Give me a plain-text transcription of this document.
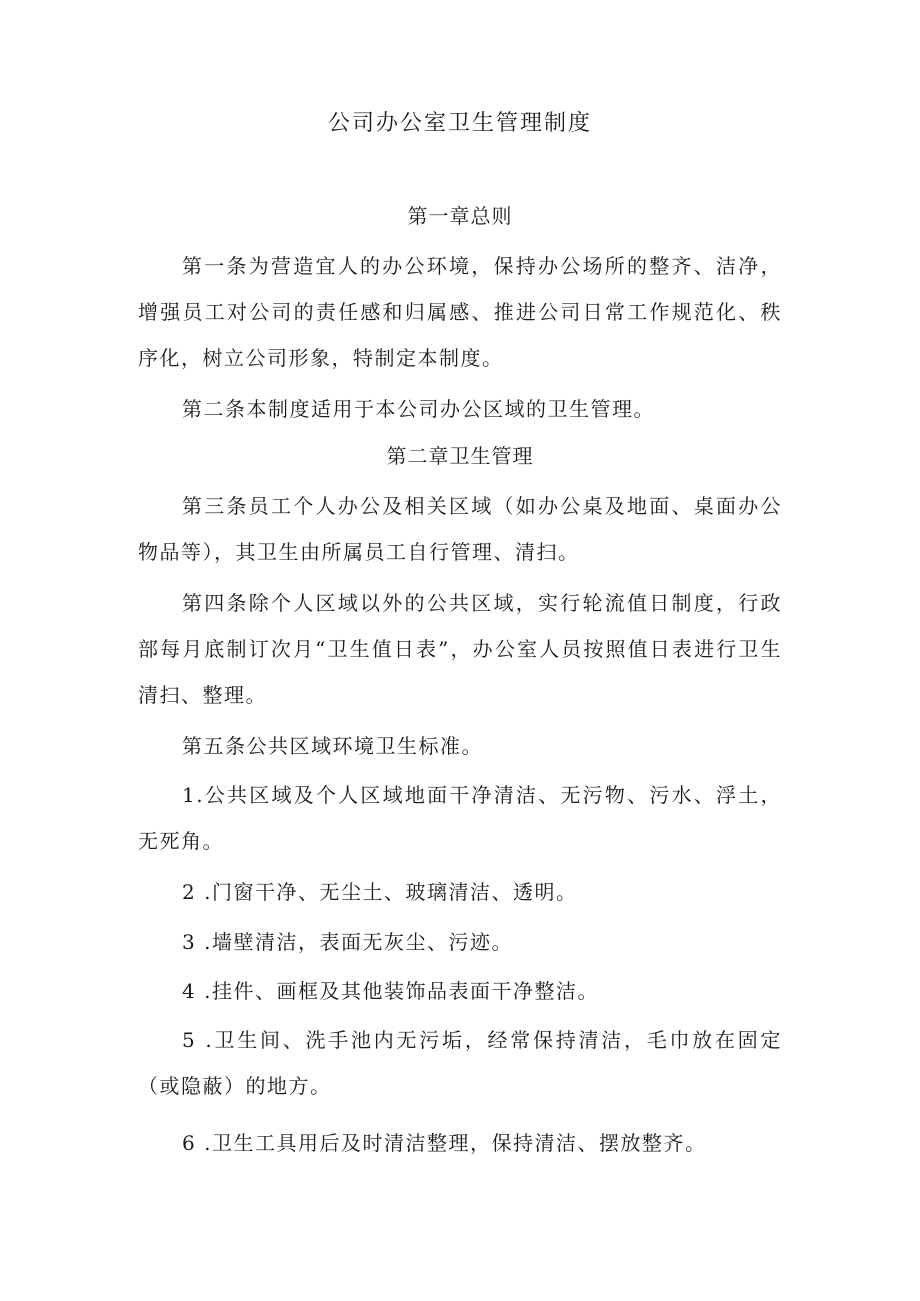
公司办公室卫生管理制度
第一章总则

第一条为营造宜人的办公环境，保持办公场所的整齐、洁净，增强员工对公司的责任感和归属感、推进公司日常工作规范化、秩序化，树立公司形象，特制定本制度。

第二条本制度适用于本公司办公区域的卫生管理。

第二章卫生管理

第三条员工个人办公及相关区域（如办公桌及地面、桌面办公物品等），其卫生由所属员工自行管理、清扫。

第四条除个人区域以外的公共区域，实行轮流值日制度，行政部每月底制订次月“卫生值日表”，办公室人员按照值日表进行卫生清扫、整理。

第五条公共区域环境卫生标准。

1.公共区域及个人区域地面干净清洁、无污物、污水、浮土，无死角。

2 .门窗干净、无尘土、玻璃清洁、透明。

3 .墙壁清洁，表面无灰尘、污迹。

4 .挂件、画框及其他装饰品表面干净整洁。

5 .卫生间、洗手池内无污垢，经常保持清洁，毛巾放在固定（或隐蔽）的地方。

6 .卫生工具用后及时清洁整理，保持清洁、摆放整齐。
